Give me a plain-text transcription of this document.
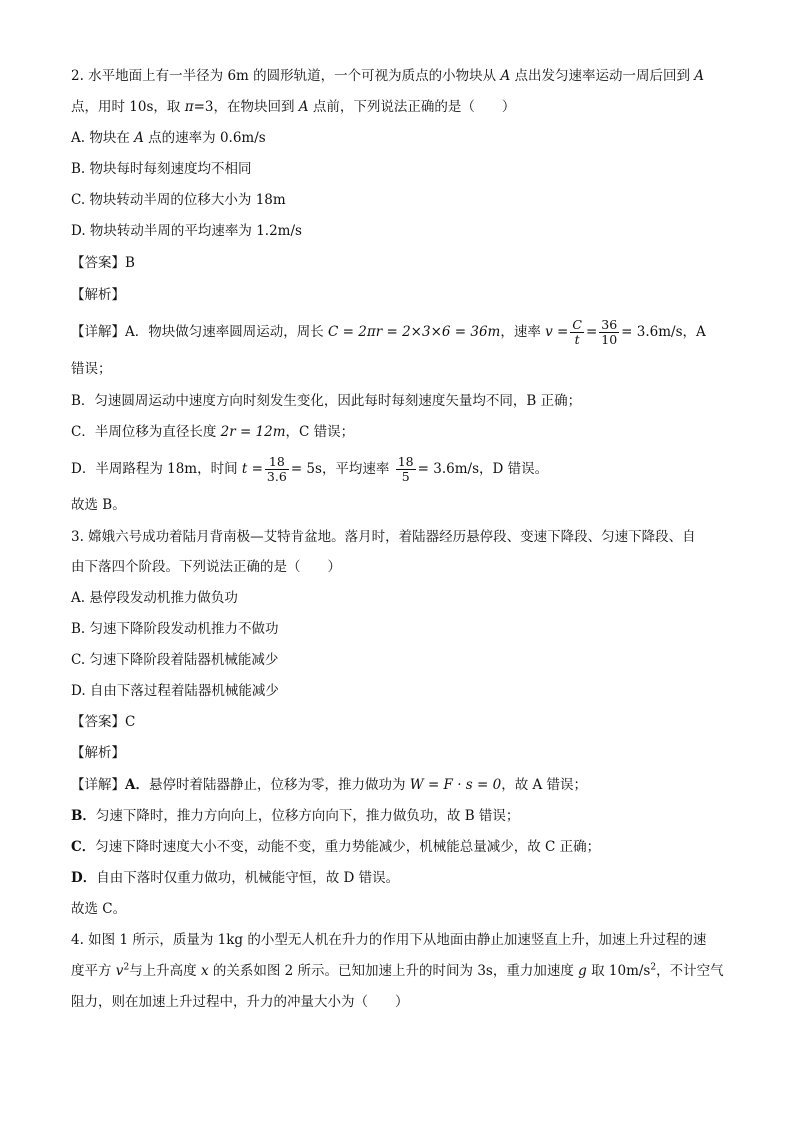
2. 水平地面上有一半径为 6m 的圆形轨道，一个可视为质点的小物块从 A 点出发匀速率运动一周后回到 A
点，用时 10s，取 π=3，在物块回到 A 点前，下列说法正确的是（　　）
A. 物块在 A 点的速率为 0.6m/s
B. 物块每时每刻速度均不相同
C. 物块转动半周的位移大小为 18m
D. 物块转动半周的平均速率为 1.2m/s
【答案】B
【解析】
【详解】A．物块做匀速率圆周运动，周长 C = 2πr = 2×3×6 = 36m，速率 $v = \frac{C}{t} = \frac{36}{10} = 3.6m/s$，A
错误；
B．匀速圆周运动中速度方向时刻发生变化，因此每时每刻速度矢量均不同，B 正确；
C．半周位移为直径长度 2r = 12m，C 错误；
D．半周路程为 18m，时间 $t = \frac{18}{3.6} = 5s$，平均速率 $\frac{18}{5} = 3.6m/s$，D 错误。
故选 B。
3. 嫦娥六号成功着陆月背南极—艾特肯盆地。落月时，着陆器经历悬停段、变速下降段、匀速下降段、自
由下落四个阶段。下列说法正确的是（　　）
A. 悬停段发动机推力做负功
B. 匀速下降阶段发动机推力不做功
C. 匀速下降阶段着陆器机械能减少
D. 自由下落过程着陆器机械能减少
【答案】C
【解析】
【详解】A．悬停时着陆器静止，位移为零，推力做功为 W = F · s = 0，故 A 错误；
B．匀速下降时，推力方向向上，位移方向向下，推力做负功，故 B 错误；
C．匀速下降时速度大小不变，动能不变，重力势能减少，机械能总量减少，故 C 正确；
D．自由下落时仅重力做功，机械能守恒，故 D 错误。
故选 C。
4. 如图 1 所示，质量为 1kg 的小型无人机在升力的作用下从地面由静止加速竖直上升，加速上升过程的速
度平方 $v^2$与上升高度 x 的关系如图 2 所示。已知加速上升的时间为 3s，重力加速度 g 取 $10m/s^2$，不计空气
阻力，则在加速上升过程中，升力的冲量大小为（　　）
